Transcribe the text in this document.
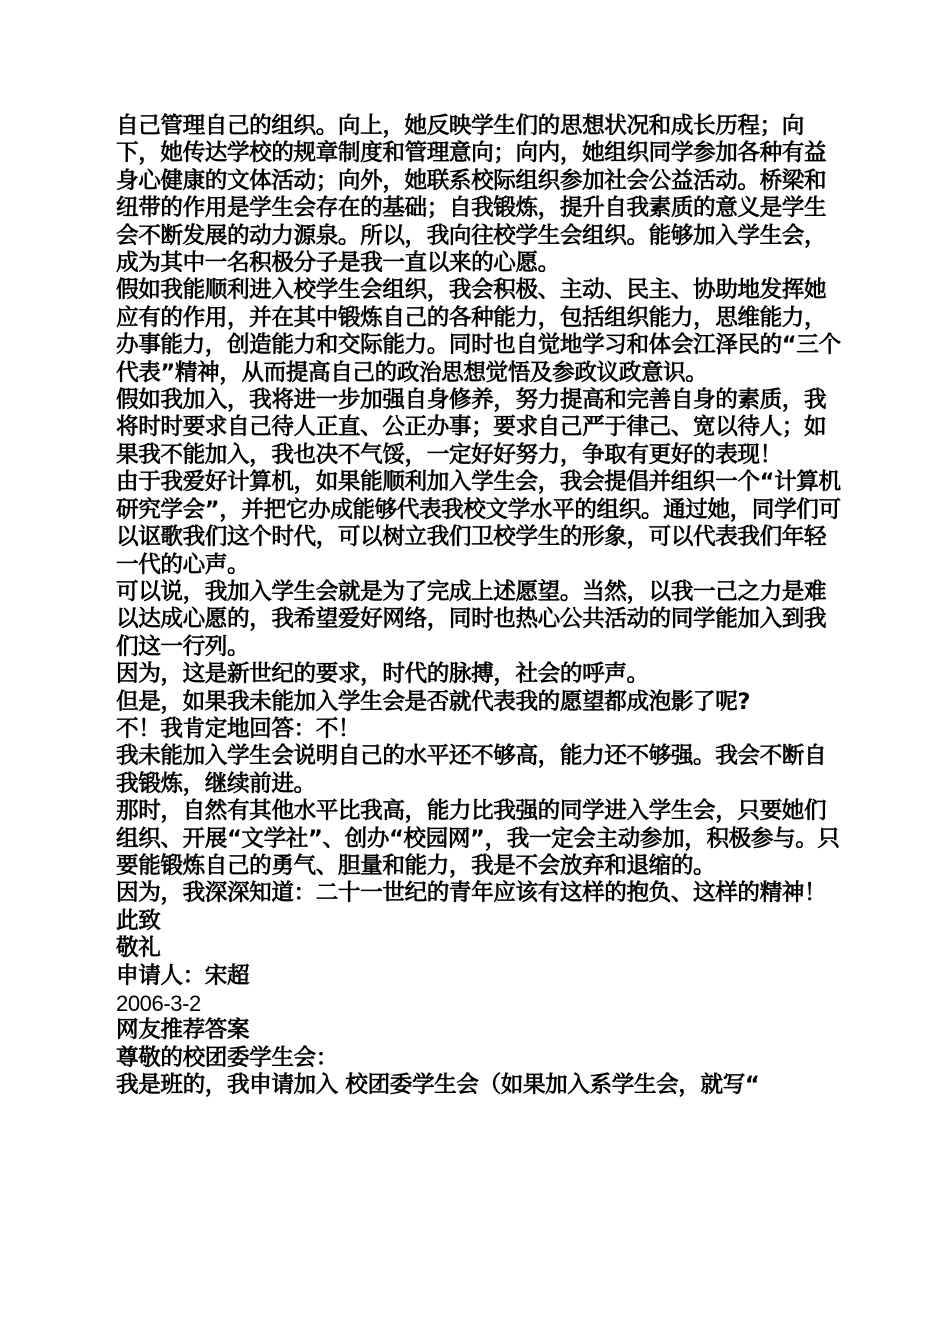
自己管理自己的组织。向上，她反映学生们的思想状况和成长历程；向下，她传达学校的规章制度和管理意向；向内，她组织同学参加各种有益身心健康的文体活动；向外，她联系校际组织参加社会公益活动。桥梁和纽带的作用是学生会存在的基础；自我锻炼，提升自我素质的意义是学生会不断发展的动力源泉。所以，我向往校学生会组织。能够加入学生会，成为其中一名积极分子是我一直以来的心愿。

假如我能顺利进入校学生会组织，我会积极、主动、民主、协助地发挥她应有的作用，并在其中锻炼自己的各种能力，包括组织能力，思维能力，办事能力，创造能力和交际能力。同时也自觉地学习和体会江泽民的“三个代表”精神，从而提高自己的政治思想觉悟及参政议政意识。

假如我加入，我将进一步加强自身修养，努力提高和完善自身的素质，我将时时要求自己待人正直、公正办事；要求自己严于律己、宽以待人；如果我不能加入，我也决不气馁，一定好好努力，争取有更好的表现！

由于我爱好计算机，如果能顺利加入学生会，我会提倡并组织一个“计算机研究学会”，并把它办成能够代表我校文学水平的组织。通过她，同学们可以讴歌我们这个时代，可以树立我们卫校学生的形象，可以代表我们年轻一代的心声。

可以说，我加入学生会就是为了完成上述愿望。当然，以我一己之力是难以达成心愿的，我希望爱好网络，同时也热心公共活动的同学能加入到我们这一行列。

因为，这是新世纪的要求，时代的脉搏，社会的呼声。

但是，如果我未能加入学生会是否就代表我的愿望都成泡影了呢?

不！我肯定地回答：不！

我未能加入学生会说明自己的水平还不够高，能力还不够强。我会不断自我锻炼，继续前进。

那时，自然有其他水平比我高，能力比我强的同学进入学生会，只要她们组织、开展“文学社”、创办“校园网”，我一定会主动参加，积极参与。只要能锻炼自己的勇气、胆量和能力，我是不会放弃和退缩的。

因为，我深深知道：二十一世纪的青年应该有这样的抱负、这样的精神！

此致

敬礼

申请人：宋超

2006-3-2

网友推荐答案

尊敬的校团委学生会：

我是班的，我申请加入 校团委学生会（如果加入系学生会，就写“
